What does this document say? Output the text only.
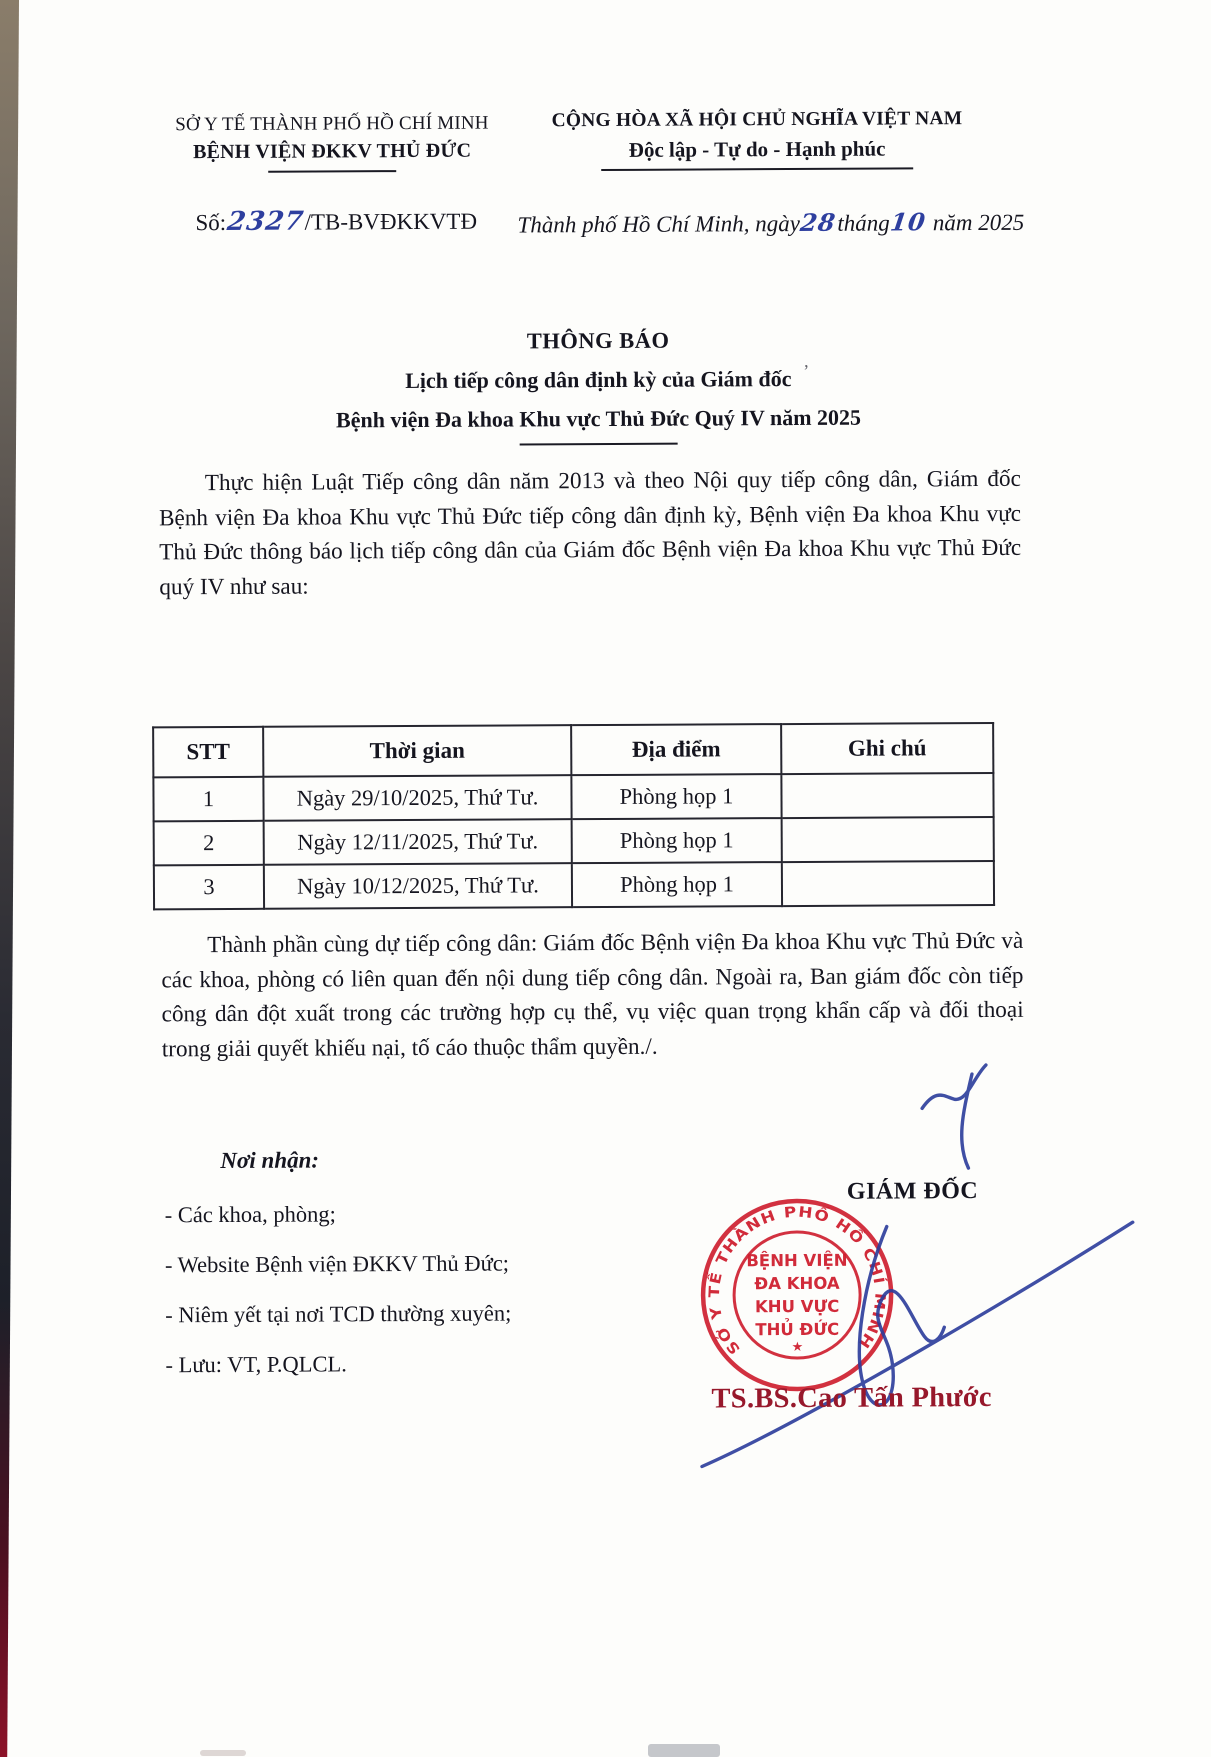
SỞ Y TẾ THÀNH PHỐ HỒ CHÍ MINH
BỆNH VIỆN ĐKKV THỦ ĐỨC
CỘNG HÒA XÃ HỘI CHỦ NGHĨA VIỆT NAM
Độc lập - Tự do - Hạnh phúc
Số:2327/TB-BVĐKKVTĐ Thành phố Hồ Chí Minh, ngày28tháng10 năm 2025
THÔNG BÁO
Lịch tiếp công dân định kỳ của Giám đốc
Bệnh viện Đa khoa Khu vực Thủ Đức Quý IV năm 2025
’
Thực hiện Luật Tiếp công dân năm 2013 và theo Nội quy tiếp công dân, Giám đốc Bệnh viện Đa khoa Khu vực Thủ Đức tiếp công dân định kỳ, Bệnh viện Đa khoa Khu vực Thủ Đức thông báo lịch tiếp công dân của Giám đốc Bệnh viện Đa khoa Khu vực Thủ Đức quý IV như sau:
STT	Thời gian	Địa điểm	Ghi chú
1	Ngày 29/10/2025, Thứ Tư.	Phòng họp 1	
2	Ngày 12/11/2025, Thứ Tư.	Phòng họp 1	
3	Ngày 10/12/2025, Thứ Tư.	Phòng họp 1	
Thành phần cùng dự tiếp công dân: Giám đốc Bệnh viện Đa khoa Khu vực Thủ Đức và các khoa, phòng có liên quan đến nội dung tiếp công dân. Ngoài ra, Ban giám đốc còn tiếp công dân đột xuất trong các trường hợp cụ thể, vụ việc quan trọng khẩn cấp và đối thoại trong giải quyết khiếu nại, tố cáo thuộc thẩm quyền./.
Nơi nhận:
- Các khoa, phòng;
- Website Bệnh viện ĐKKV Thủ Đức;
- Niêm yết tại nơi TCD thường xuyên;
- Lưu: VT, P.QLCL.
GIÁM ĐỐC
SỞ Y TẾ THÀNH PHỐ HỒ CHÍ MINH
BỆNH VIỆN
ĐA KHOA
KHU VỰC
THỦ ĐỨC
★
TS.BS.Cao Tấn Phước
